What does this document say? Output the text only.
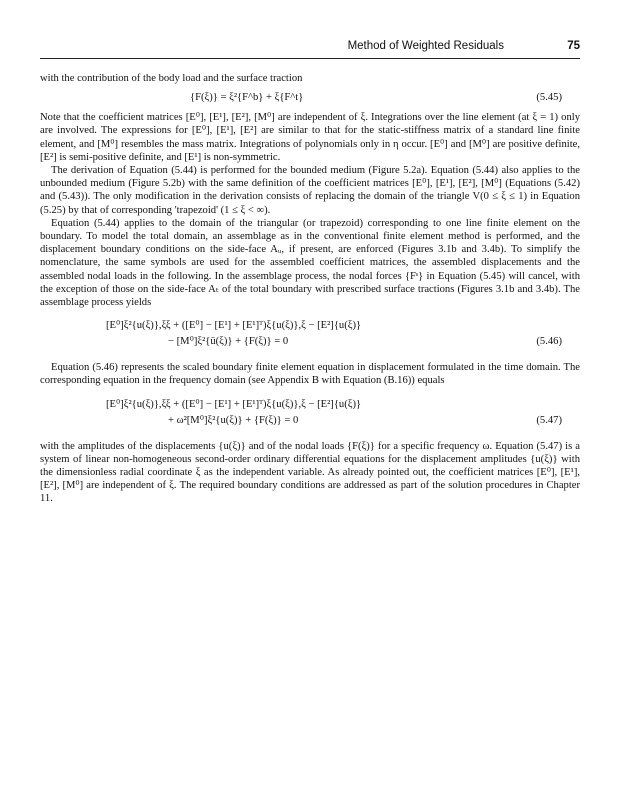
Method of Weighted Residuals	75

with the contribution of the body load and the surface traction

{F(ξ)} = ξ²{F^b} + ξ{F^t}	(5.45)

Note that the coefficient matrices [E⁰], [E¹], [E²], [M⁰] are independent of ξ. Integrations over the line element (at ξ = 1) only are involved. The expressions for [E⁰], [E¹], [E²] are similar to that for the static-stiffness matrix of a standard line finite element, and [M⁰] resembles the mass matrix. Integrations of polynomials only in η occur. [E⁰] and [M⁰] are positive definite, [E²] is semi-positive definite, and [E¹] is non-symmetric.

The derivation of Equation (5.44) is performed for the bounded medium (Figure 5.2a). Equation (5.44) also applies to the unbounded medium (Figure 5.2b) with the same definition of the coefficient matrices [E⁰], [E¹], [E²], [M⁰] (Equations (5.42) and (5.43)). The only modification in the derivation consists of replacing the domain of the triangle V(0 ≤ ξ ≤ 1) in Equation (5.25) by that of corresponding 'trapezoid' (1 ≤ ξ < ∞).

Equation (5.44) applies to the domain of the triangular (or trapezoid) corresponding to one line finite element on the boundary. To model the total domain, an assemblage as in the conventional finite element method is performed, and the displacement boundary conditions on the side-face Aᵤ, if present, are enforced (Figures 3.1b and 3.4b). To simplify the nomenclature, the same symbols are used for the assembled coefficient matrices, the assembled displacements and the assembled nodal loads in the following. In the assemblage process, the nodal forces {Fˢ} in Equation (5.45) will cancel, with the exception of those on the side-face Aₜ of the total boundary with prescribed surface tractions (Figures 3.1b and 3.4b). The assemblage process yields

[E⁰]ξ²{u(ξ)},ξξ + ([E⁰] − [E¹] + [E¹]ᵀ)ξ{u(ξ)},ξ − [E²]{u(ξ)}
− [M⁰]ξ²{ü(ξ)} + {F(ξ)} = 0	(5.46)

Equation (5.46) represents the scaled boundary finite element equation in displacement formulated in the time domain. The corresponding equation in the frequency domain (see Appendix B with Equation (B.16)) equals

[E⁰]ξ²{u(ξ)},ξξ + ([E⁰] − [E¹] + [E¹]ᵀ)ξ{u(ξ)},ξ − [E²]{u(ξ)}
+ ω²[M⁰]ξ²{u(ξ)} + {F(ξ)} = 0	(5.47)

with the amplitudes of the displacements {u(ξ)} and of the nodal loads {F(ξ)} for a specific frequency ω. Equation (5.47) is a system of linear non-homogeneous second-order ordinary differential equations for the displacement amplitudes {u(ξ)} with the dimensionless radial coordinate ξ as the independent variable. As already pointed out, the coefficient matrices [E⁰], [E¹], [E²], [M⁰] are independent of ξ. The required boundary conditions are addressed as part of the solution procedures in Chapter 11.
